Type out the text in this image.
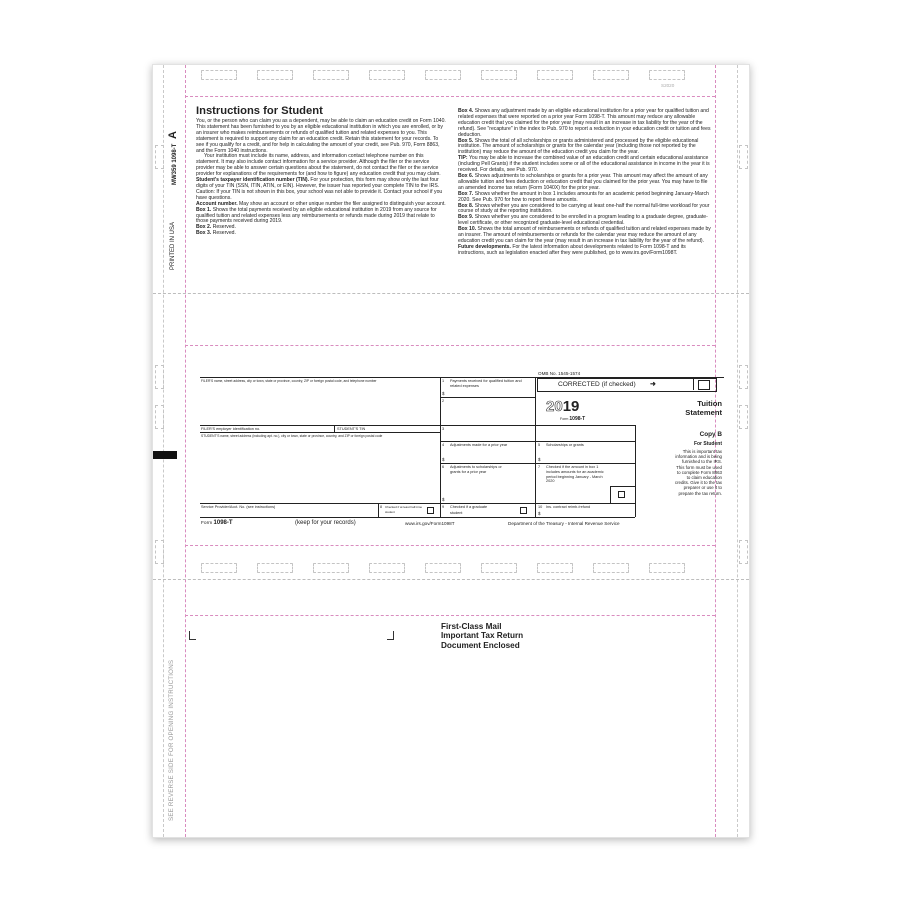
S2020
MW359 1098-T A
PRINTED IN USA
SEE REVERSE SIDE FOR OPENING INSTRUCTIONS
Instructions for Student

You, or the person who can claim you as a dependent, may be able to claim an education credit on Form 1040. This statement has been furnished to you by an eligible educational institution in which you are enrolled, or by an insurer who makes reimbursements or refunds of qualified tuition and related expenses to you. This statement is required to support any claim for an education credit. Retain this statement for your records. To see if you qualify for a credit, and for help in calculating the amount of your credit, see Pub. 970, Form 8863, and the Form 1040 instructions.

Your institution must include its name, address, and information contact telephone number on this statement. It may also include contact information for a service provider. Although the filer or the service provider may be able to answer certain questions about the statement, do not contact the filer or the service provider for explanations of the requirements for (and how to figure) any education credit that you may claim.

Student's taxpayer identification number (TIN). For your protection, this form may show only the last four digits of your TIN (SSN, ITIN, ATIN, or EIN). However, the issuer has reported your complete TIN to the IRS. Caution: If your TIN is not shown in this box, your school was not able to provide it. Contact your school if you have questions.

Account number. May show an account or other unique number the filer assigned to distinguish your account.

Box 1. Shows the total payments received by an eligible educational institution in 2019 from any source for qualified tuition and related expenses less any reimbursements or refunds made during 2019 that relate to those payments received during 2019.

Box 2. Reserved.

Box 3. Reserved.

Box 4. Shows any adjustment made by an eligible educational institution for a prior year for qualified tuition and related expenses that were reported on a prior year Form 1098-T. This amount may reduce any allowable education credit that you claimed for the prior year (may result in an increase in tax liability for the year of the refund). See "recapture" in the index to Pub. 970 to report a reduction in your education credit or tuition and fees deduction.

Box 5. Shows the total of all scholarships or grants administered and processed by the eligible educational institution. The amount of scholarships or grants for the calendar year (including those not reported by the institution) may reduce the amount of the education credit you claim for the year.

TIP: You may be able to increase the combined value of an education credit and certain educational assistance (including Pell Grants) if the student includes some or all of the educational assistance in income in the year it is received. For details, see Pub. 970.

Box 6. Shows adjustments to scholarships or grants for a prior year. This amount may affect the amount of any allowable tuition and fees deduction or education credit that you claimed for the prior year. You may have to file an amended income tax return (Form 1040X) for the prior year.

Box 7. Shows whether the amount in box 1 includes amounts for an academic period beginning January-March 2020. See Pub. 970 for how to report these amounts.

Box 8. Shows whether you are considered to be carrying at least one-half the normal full-time workload for your course of study at the reporting institution.

Box 9. Shows whether you are considered to be enrolled in a program leading to a graduate degree, graduate-level certificate, or other recognized graduate-level educational credential.

Box 10. Shows the total amount of reimbursements or refunds of qualified tuition and related expenses made by an insurer. The amount of reimbursements or refunds for the calendar year may reduce the amount of any education credit you can claim for the year (may result in an increase in tax liability for the year of the refund).

Future developments. For the latest information about developments related to Form 1098-T and its instructions, such as legislation enacted after they were published, go to www.irs.gov/Form1098T.

FILER'S name, street address, city or town, state or province, country, ZIP or foreign postal code, and telephone number
FILER'S employer identification no.	STUDENT'S TIN
STUDENT'S name, street address (including apt. no.), city or town, state or province, country, and ZIP or foreign postal code
Service Provider/Acct. No. (see instructions)	8 Checked if at least half-time student
1 Payments received for qualified tuition and related expenses
$
2
3
4 Adjustments made for a prior year
$
6 Adjustments to scholarships or grants for a prior year
$
9 Checked if a graduate student
OMB No. 1545-1574
CORRECTED (if checked) ➜
2019
Form 1098-T
Tuition
Statement
5 Scholarships or grants
$
7 Checked if the amount in box 1 includes amounts for an academic period beginning January - March 2020
10 Ins. contract reimb./refund
$
Copy B
For Student
This is important tax information and is being furnished to the IRS. This form must be used to complete Form 8863 to claim education credits. Give it to the tax preparer or use it to prepare the tax return.
Form 1098-T	(keep for your records)	www.irs.gov/Form1098T	Department of the Treasury - Internal Revenue Service
First-Class Mail
Important Tax Return
Document Enclosed
